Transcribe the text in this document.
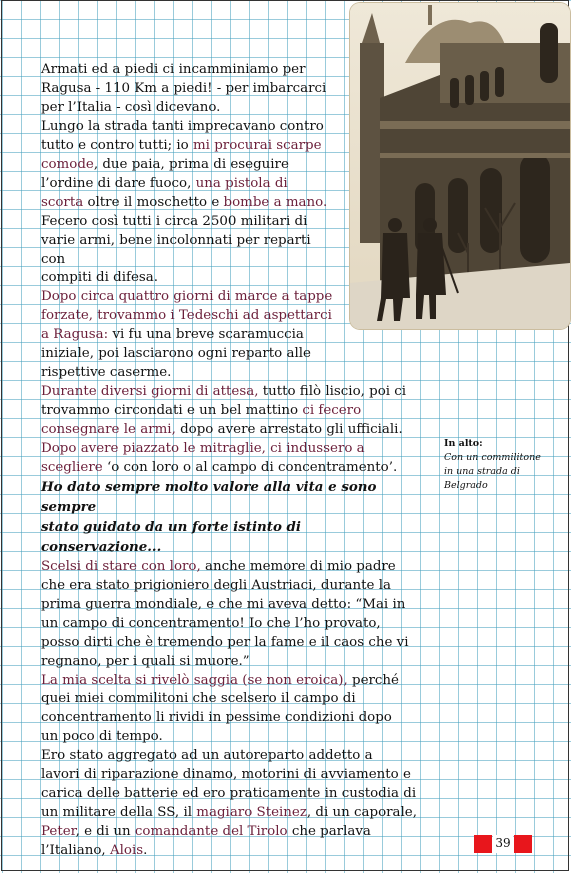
Armati ed a piedi ci incamminiamo per
Ragusa - 110 Km a piedi! - per imbarcarci
per l’Italia - così dicevano.
Lungo la strada tanti imprecavano contro
tutto e contro tutti; io mi procurai scarpe
comode, due paia, prima di eseguire
l’ordine di dare fuoco, una pistola di
scorta oltre il moschetto e bombe a mano.
Fecero così tutti i circa 2500 militari di
varie armi, bene incolonnati per reparti
con
compiti di difesa.
Dopo circa quattro giorni di marce a tappe
forzate, trovammo i Tedeschi ad aspettarci
a Ragusa: vi fu una breve scaramuccia
iniziale, poi lasciarono ogni reparto alle
rispettive caserme.
Durante diversi giorni di attesa, tutto filò liscio, poi ci
trovammo circondati e un bel mattino ci fecero
consegnare le armi, dopo avere arrestato gli ufficiali.
Dopo avere piazzato le mitraglie, ci indussero a
scegliere ‘o con loro o al campo di concentramento’.
Ho dato sempre molto valore alla vita e sono sempre
stato guidato da un forte istinto di conservazione...
Scelsi di stare con loro, anche memore di mio padre
che era stato prigioniero degli Austriaci, durante la
prima guerra mondiale, e che mi aveva detto: “Mai in
un campo di concentramento! Io che l’ho provato,
posso dirti che è tremendo per la fame e il caos che vi
regnano, per i quali si muore.”
La mia scelta si rivelò saggia (se non eroica), perché
quei miei commilitoni che scelsero il campo di
concentramento li rividi in pessime condizioni dopo
un poco di tempo.
Ero stato aggregato ad un autoreparto addetto a
lavori di riparazione dinamo, motorini di avviamento e
carica delle batterie ed ero praticamente in custodia di
un militare della SS, il magiaro Steinez, di un caporale,
Peter, e di un comandante del Tirolo che parlava
l’Italiano, Alois.
In alto:
Con un commilitone
in una strada di
Belgrado
39
